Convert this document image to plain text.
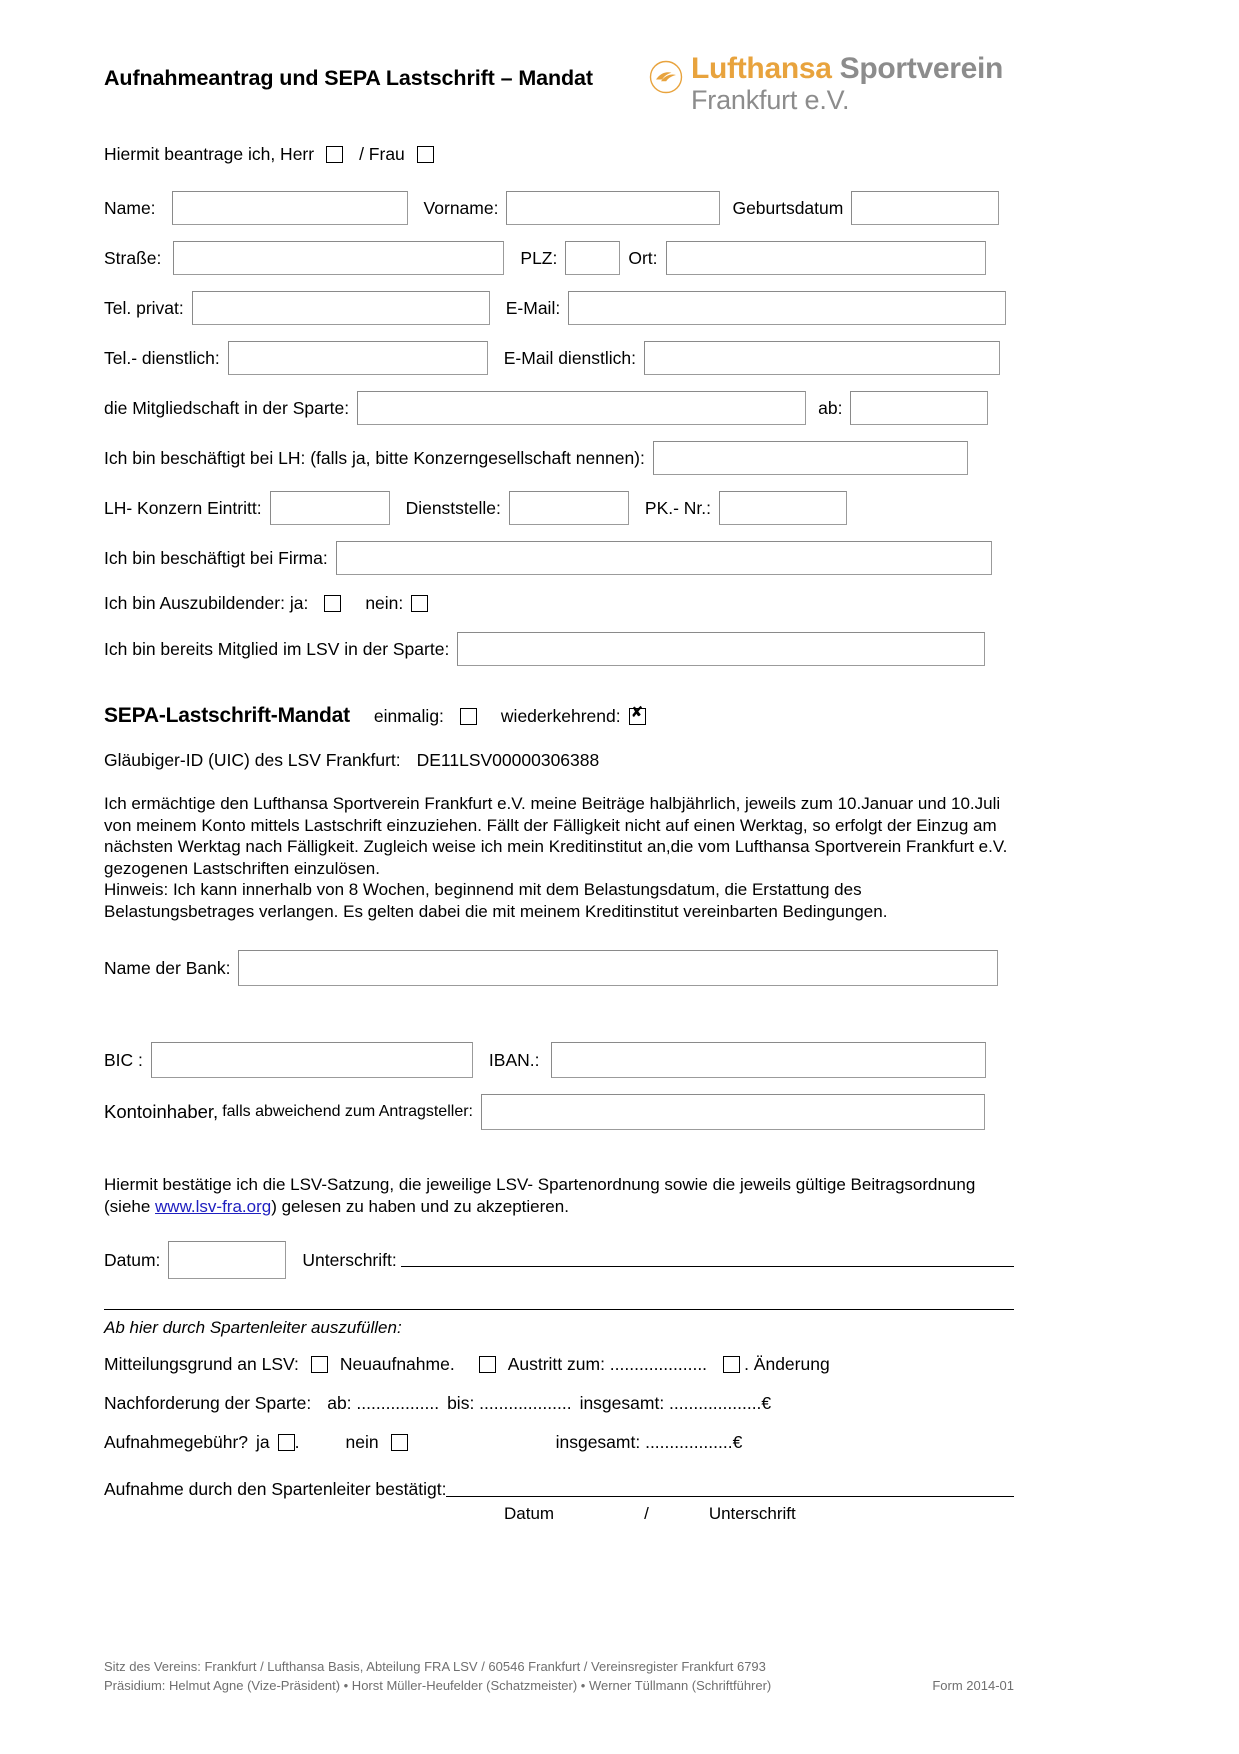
Aufnahmeantrag und SEPA Lastschrift – Mandat	Lufthansa Sportverein
Frankfurt e.V.
Hiermit beantrage ich, Herr	/ Frau
Name:	Vorname:	Geburtsdatum
Straße:	PLZ:	Ort:
Tel. privat:	E-Mail:
Tel.- dienstlich:	E-Mail dienstlich:
die Mitgliedschaft in der Sparte:	ab:
Ich bin beschäftigt bei LH: (falls ja, bitte Konzerngesellschaft nennen):
LH- Konzern Eintritt:	Dienststelle:	PK.- Nr.:
Ich bin beschäftigt bei Firma:
Ich bin Auszubildender: ja:	nein:
Ich bin bereits Mitglied im LSV in der Sparte:
SEPA-Lastschrift-Mandat einmalig:	wiederkehrend:
✘
Gläubiger-ID (UIC) des LSV Frankfurt: DE11LSV00000306388
Ich ermächtige den Lufthansa Sportverein Frankfurt e.V. meine Beiträge halbjährlich, jeweils zum 10.Januar und 10.Juli von meinem Konto mittels Lastschrift einzuziehen. Fällt der Fälligkeit nicht auf einen Werktag, so erfolgt der Einzug am nächsten Werktag nach Fälligkeit. Zugleich weise ich mein Kreditinstitut an,die vom Lufthansa Sportverein Frankfurt e.V. gezogenen Lastschriften einzulösen.
Hinweis: Ich kann innerhalb von 8 Wochen, beginnend mit dem Belastungsdatum, die Erstattung des Belastungsbetrages verlangen. Es gelten dabei die mit meinem Kreditinstitut vereinbarten Bedingungen.
Name der Bank:
BIC :	IBAN.:
Kontoinhaber, falls abweichend zum Antragsteller:
Hiermit bestätige ich die LSV-Satzung, die jeweilige LSV- Spartenordnung sowie die jeweils gültige Beitragsordnung (siehe www.lsv-fra.org) gelesen zu haben und zu akzeptieren.
Datum:	Unterschrift:
Ab hier durch Spartenleiter auszufüllen:
Mitteilungsgrund an LSV: Neuaufnahme.	Austritt zum: .................... . Änderung
Nachforderung der Sparte: ab: ................. bis: ................... insgesamt: ...................€
Aufnahmegebühr? ja .	nein	insgesamt: ..................€
Aufnahme durch den Spartenleiter bestätigt:
Datum	/	Unterschrift
Sitz des Vereins: Frankfurt / Lufthansa Basis, Abteilung FRA LSV / 60546 Frankfurt / Vereinsregister Frankfurt 6793
Präsidium: Helmut Agne (Vize-Präsident) • Horst Müller-Heufelder (Schatzmeister) • Werner Tüllmann (Schriftführer)	Form 2014-01
